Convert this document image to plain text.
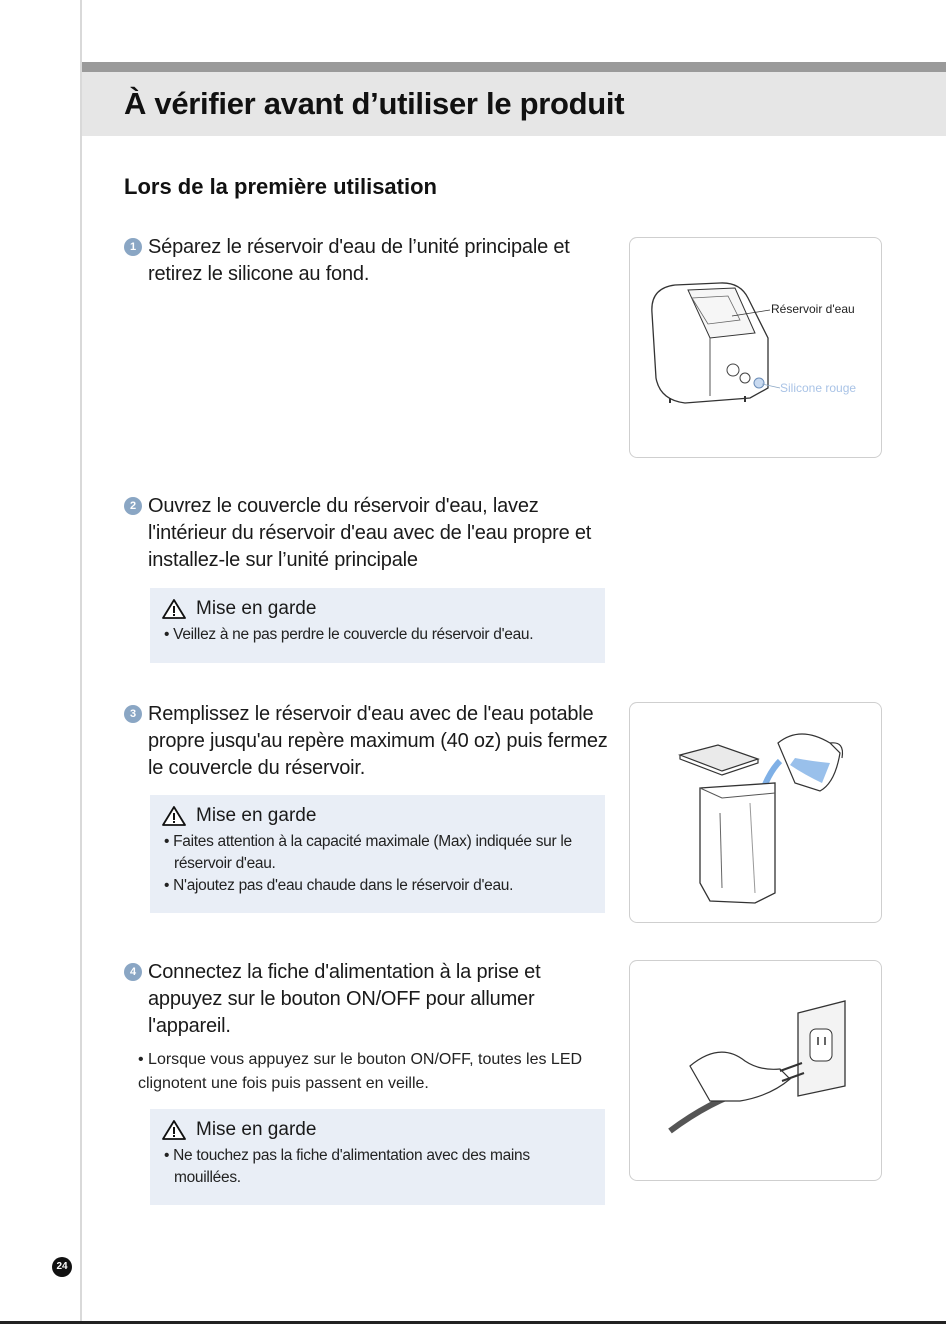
À vérifier avant d’utiliser le produit
Lors de la première utilisation
1 Séparez le réservoir d'eau de l’unité principale et retirez le silicone au fond.
Réservoir d'eau
Silicone rouge
2 Ouvrez le couvercle du réservoir d'eau, lavez l'intérieur du réservoir d'eau avec de l'eau propre et installez-le sur l’unité principale
Mise en garde
• Veillez à ne pas perdre le couvercle du réservoir d'eau.
3 Remplissez le réservoir d'eau avec de l'eau potable propre jusqu'au repère maximum (40 oz) puis fermez le couvercle du réservoir.
Mise en garde
• Faites attention à la capacité maximale (Max) indiquée sur le réservoir d'eau.
• N'ajoutez pas d'eau chaude dans le réservoir d'eau.
4 Connectez la fiche d'alimentation à la prise et appuyez sur le bouton ON/OFF pour allumer l'appareil.
• Lorsque vous appuyez sur le bouton ON/OFF, toutes les LED clignotent une fois puis passent en veille.
Mise en garde
• Ne touchez pas la fiche d'alimentation avec des mains mouillées.
24
